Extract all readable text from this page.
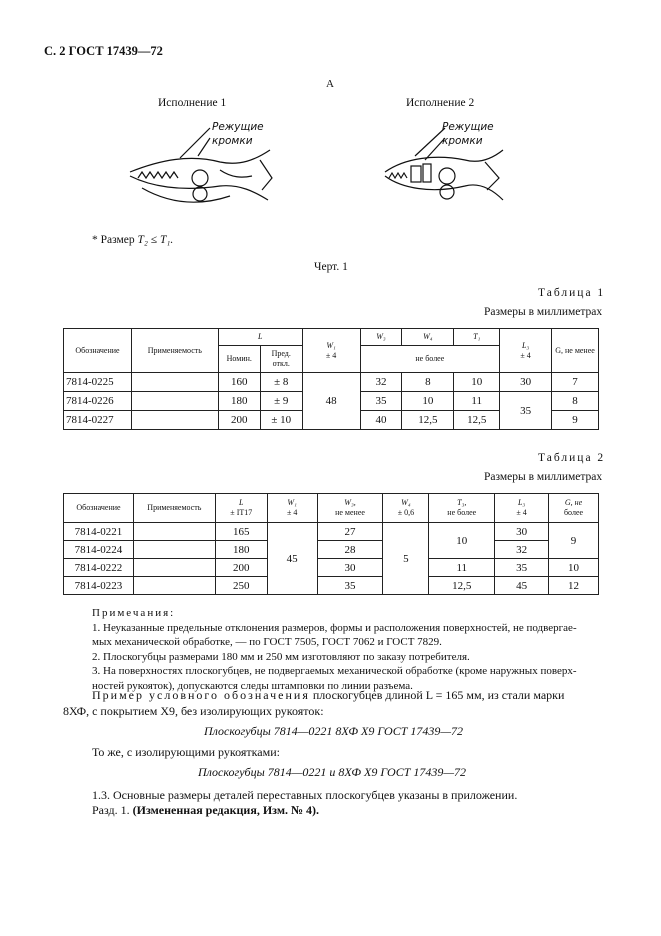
С. 2 ГОСТ 17439—72
А
Исполнение 1	Исполнение 2
Режущие
кромки
Режущие
кромки
* Размер T₂ ≤ T₁.
Черт. 1
Таблица 1
Размеры в миллиметрах
Обозначение	Применяемость	L		W₁
± 4	W₃	W₄	T₁	L₃
± 4	G, не менее
		Номин.	Пред. откл.		не более				
7814-0225		160	± 8	48	32	8	10	30	7
7814-0226		180	± 9		35	10	11	35	8
7814-0227		200	± 10		40	12,5	12,5		9
Таблица 2
Размеры в миллиметрах
Обозначение	Применяемость	L
± IT17	W₁
± 4	W₃,
не менее	W₄
± 0,6	T₃,
не более	L₃
± 4	G, не
более
7814-0221		165	45	27	5	10	30	9
7814-0224		180		28			32	
7814-0222		200		30		11	35	10
7814-0223		250		35		12,5	45	12
Примечания:
1. Неуказанные предельные отклонения размеров, формы и расположения поверхностей, не подвергае-
мых механической обработке, — по ГОСТ 7505, ГОСТ 7062 и ГОСТ 7829.
2. Плоскогубцы размерами 180 мм и 250 мм изготовляют по заказу потребителя.
3. На поверхностях плоскогубцев, не подвергаемых механической обработке (кроме наружных поверх-
ностей рукояток), допускаются следы штамповки по линии разъема.
Пример условного обозначения плоскогубцев длиной L = 165 мм, из стали марки
8ХФ, с покрытием Х9, без изолирующих рукояток:
Плоскогубцы 7814—0221 8ХФ Х9 ГОСТ 17439—72
То же, с изолирующими рукоятками:
Плоскогубцы 7814—0221 и 8ХФ Х9 ГОСТ 17439—72
1.3. Основные размеры деталей переставных плоскогубцев указаны в приложении.
Разд. 1. (Измененная редакция, Изм. № 4).
